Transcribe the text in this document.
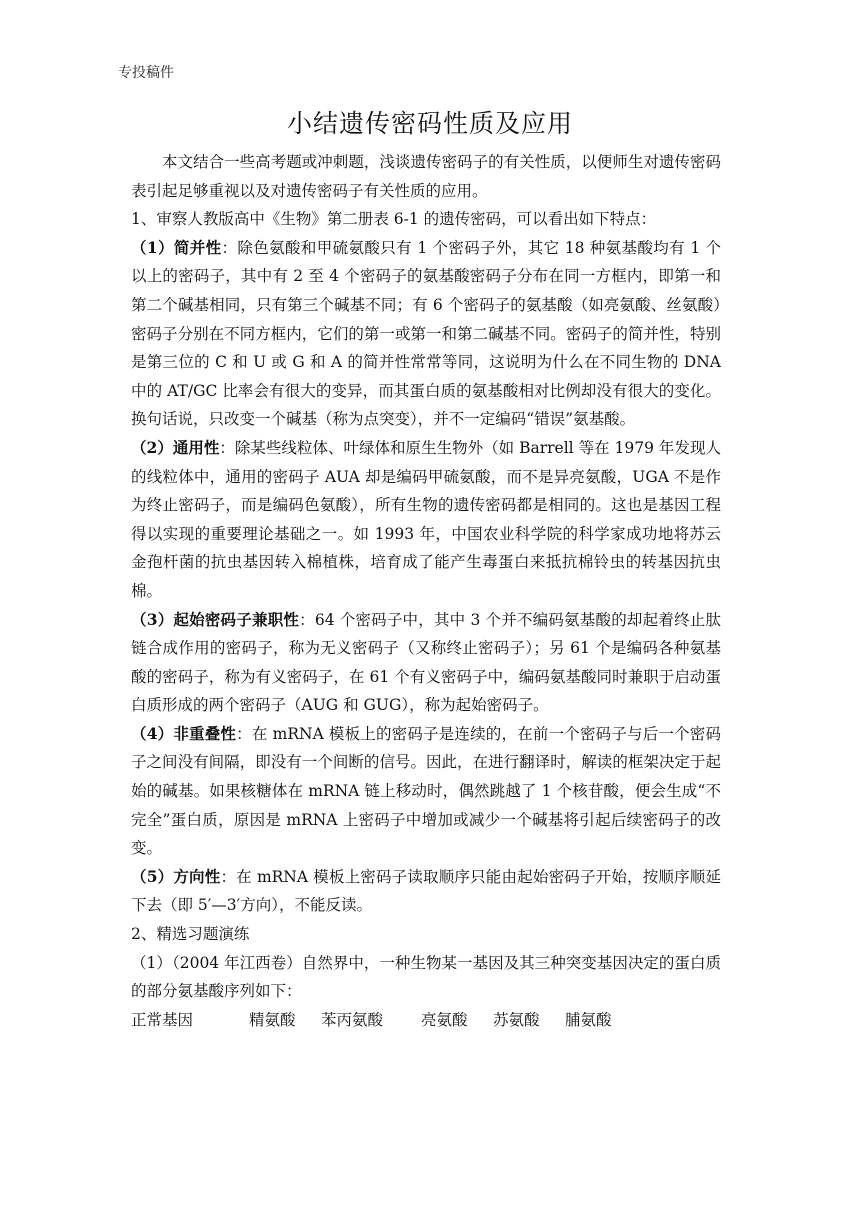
专投稿件
小结遗传密码性质及应用

本文结合一些高考题或冲刺题，浅谈遗传密码子的有关性质，以便师生对遗传密码表引起足够重视以及对遗传密码子有关性质的应用。

1、审察人教版高中《生物》第二册表 6-1 的遗传密码，可以看出如下特点：

（1）简并性：除色氨酸和甲硫氨酸只有 1 个密码子外，其它 18 种氨基酸均有 1 个以上的密码子，其中有 2 至 4 个密码子的氨基酸密码子分布在同一方框内，即第一和第二个碱基相同，只有第三个碱基不同；有 6 个密码子的氨基酸（如亮氨酸、丝氨酸）密码子分别在不同方框内，它们的第一或第一和第二碱基不同。密码子的简并性，特别是第三位的 C 和 U 或 G 和 A 的简并性常常等同，这说明为什么在不同生物的 DNA 中的 AT/GC 比率会有很大的变异，而其蛋白质的氨基酸相对比例却没有很大的变化。换句话说，只改变一个碱基（称为点突变），并不一定编码“错误”氨基酸。

（2）通用性：除某些线粒体、叶绿体和原生生物外（如 Barrell 等在 1979 年发现人的线粒体中，通用的密码子 AUA 却是编码甲硫氨酸，而不是异亮氨酸，UGA 不是作为终止密码子，而是编码色氨酸），所有生物的遗传密码都是相同的。这也是基因工程得以实现的重要理论基础之一。如 1993 年，中国农业科学院的科学家成功地将苏云金孢杆菌的抗虫基因转入棉植株，培育成了能产生毒蛋白来抵抗棉铃虫的转基因抗虫棉。

（3）起始密码子兼职性：64 个密码子中，其中 3 个并不编码氨基酸的却起着终止肽链合成作用的密码子，称为无义密码子（又称终止密码子）；另 61 个是编码各种氨基酸的密码子，称为有义密码子，在 61 个有义密码子中，编码氨基酸同时兼职于启动蛋白质形成的两个密码子（AUG 和 GUG），称为起始密码子。

（4）非重叠性：在 mRNA 模板上的密码子是连续的，在前一个密码子与后一个密码子之间没有间隔，即没有一个间断的信号。因此，在进行翻译时，解读的框架决定于起始的碱基。如果核糖体在 mRNA 链上移动时，偶然跳越了 1 个核苷酸，便会生成“不完全”蛋白质，原因是 mRNA 上密码子中增加或减少一个碱基将引起后续密码子的改变。

（5）方向性：在 mRNA 模板上密码子读取顺序只能由起始密码子开始，按顺序顺延下去（即 5′—3′方向），不能反读。

2、精选习题演练

（1）（2004 年江西卷）自然界中，一种生物某一基因及其三种突变基因决定的蛋白质的部分氨基酸序列如下：

正常基因	精氨酸	苯丙氨酸	亮氨酸	苏氨酸	脯氨酸
